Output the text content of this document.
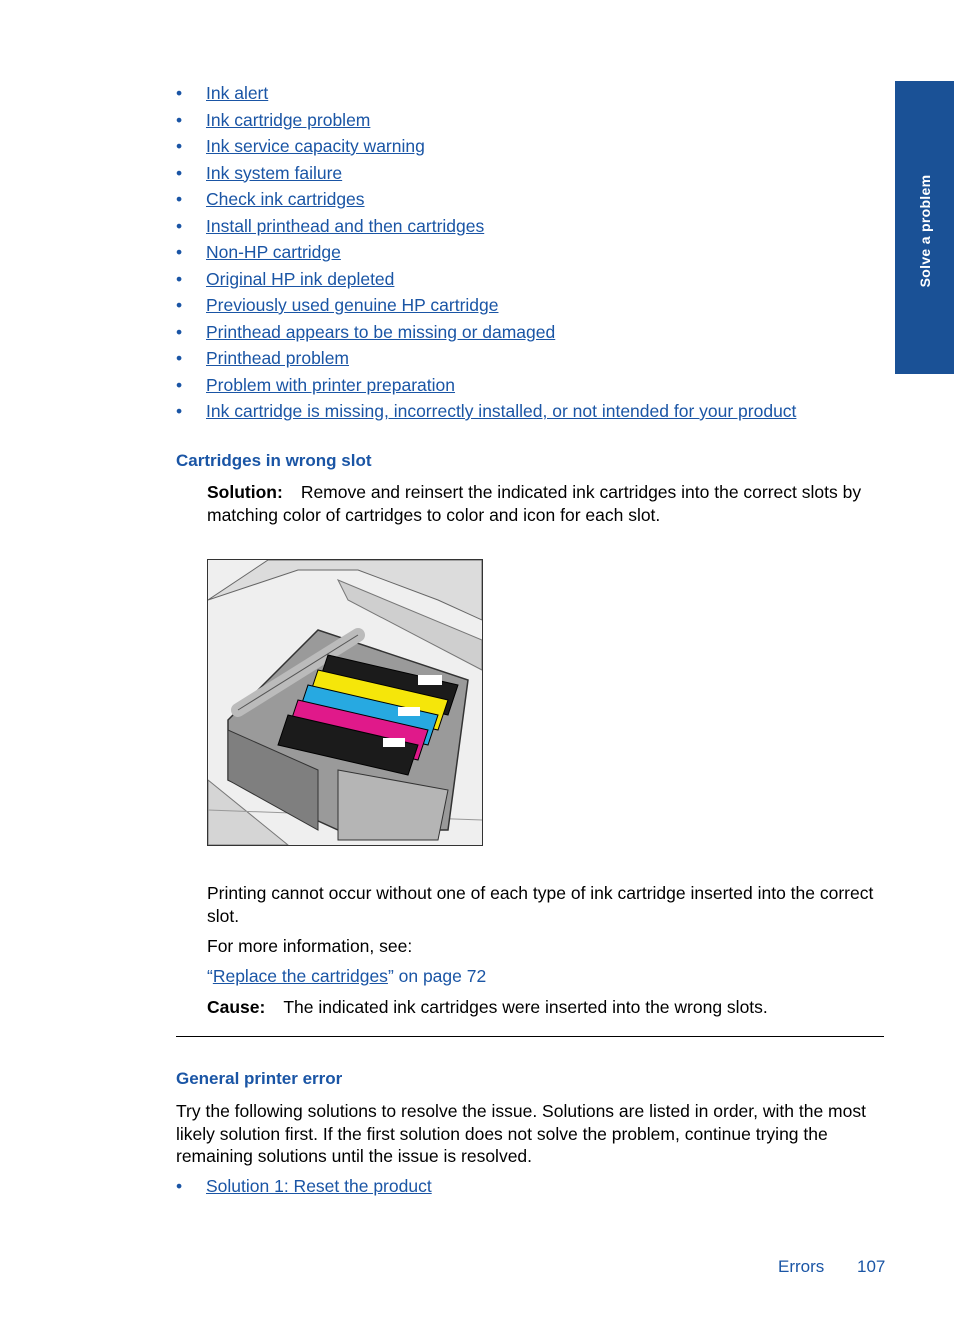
Solve a problem
• Ink alert
• Ink cartridge problem
• Ink service capacity warning
• Ink system failure
• Check ink cartridges
• Install printhead and then cartridges
• Non-HP cartridge
• Original HP ink depleted
• Previously used genuine HP cartridge
• Printhead appears to be missing or damaged
• Printhead problem
• Problem with printer preparation
• Ink cartridge is missing, incorrectly installed, or not intended for your product
Cartridges in wrong slot
Solution: Remove and reinsert the indicated ink cartridges into the correct slots by matching color of cartridges to color and icon for each slot.
Printing cannot occur without one of each type of ink cartridge inserted into the correct slot.
For more information, see:
“Replace the cartridges” on page 72
Cause: The indicated ink cartridges were inserted into the wrong slots.
General printer error
Try the following solutions to resolve the issue. Solutions are listed in order, with the most likely solution first. If the first solution does not solve the problem, continue trying the remaining solutions until the issue is resolved.
• Solution 1: Reset the product
Errors 107
